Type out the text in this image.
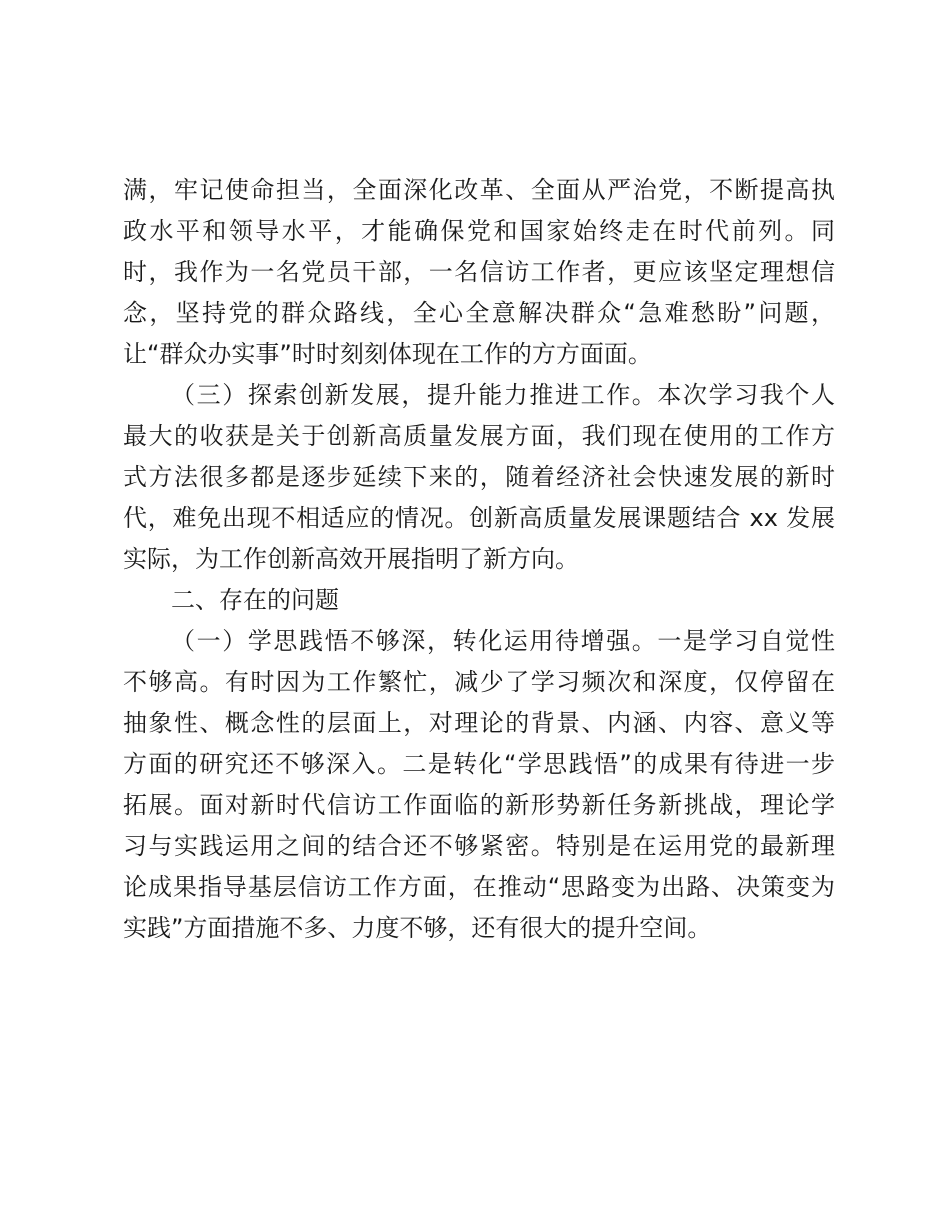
满，牢记使命担当，全面深化改革、全面从严治党，不断提高执
政水平和领导水平，才能确保党和国家始终走在时代前列。同
时，我作为一名党员干部，一名信访工作者，更应该坚定理想信
念，坚持党的群众路线，全心全意解决群众“急难愁盼”问题，
让“群众办实事”时时刻刻体现在工作的方方面面。
（三）探索创新发展，提升能力推进工作。本次学习我个人
最大的收获是关于创新高质量发展方面，我们现在使用的工作方
式方法很多都是逐步延续下来的，随着经济社会快速发展的新时
代，难免出现不相适应的情况。创新高质量发展课题结合 xx 发展
实际，为工作创新高效开展指明了新方向。
二、存在的问题
（一）学思践悟不够深，转化运用待增强。一是学习自觉性
不够高。有时因为工作繁忙，减少了学习频次和深度，仅停留在
抽象性、概念性的层面上，对理论的背景、内涵、内容、意义等
方面的研究还不够深入。二是转化“学思践悟”的成果有待进一步
拓展。面对新时代信访工作面临的新形势新任务新挑战，理论学
习与实践运用之间的结合还不够紧密。特别是在运用党的最新理
论成果指导基层信访工作方面，在推动“思路变为出路、决策变为
实践”方面措施不多、力度不够，还有很大的提升空间。
